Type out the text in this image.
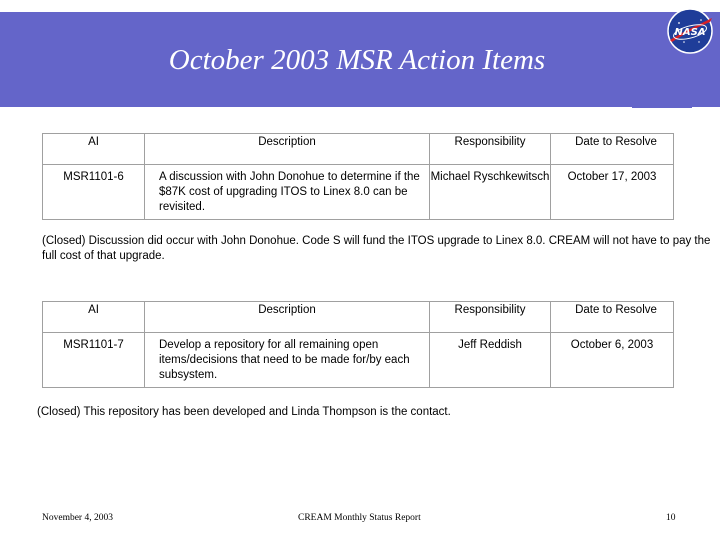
October 2003 MSR Action Items
NASA
AI	Description	Responsibility	Date to Resolve
MSR1101-6	A discussion with John Donohue to determine if the $87K cost of upgrading ITOS to Linex 8.0 can be revisited.	Michael Ryschkewitsch	October 17, 2003
(Closed) Discussion did occur with John Donohue. Code S will fund the ITOS upgrade to Linex 8.0. CREAM will not have to pay the full cost of that upgrade.
AI	Description	Responsibility	Date to Resolve
MSR1101-7	Develop a repository for all remaining open items/decisions that need to be made for/by each subsystem.	Jeff Reddish	October 6, 2003
(Closed) This repository has been developed and Linda Thompson is the contact.
November 4, 2003	CREAM Monthly Status Report	10
